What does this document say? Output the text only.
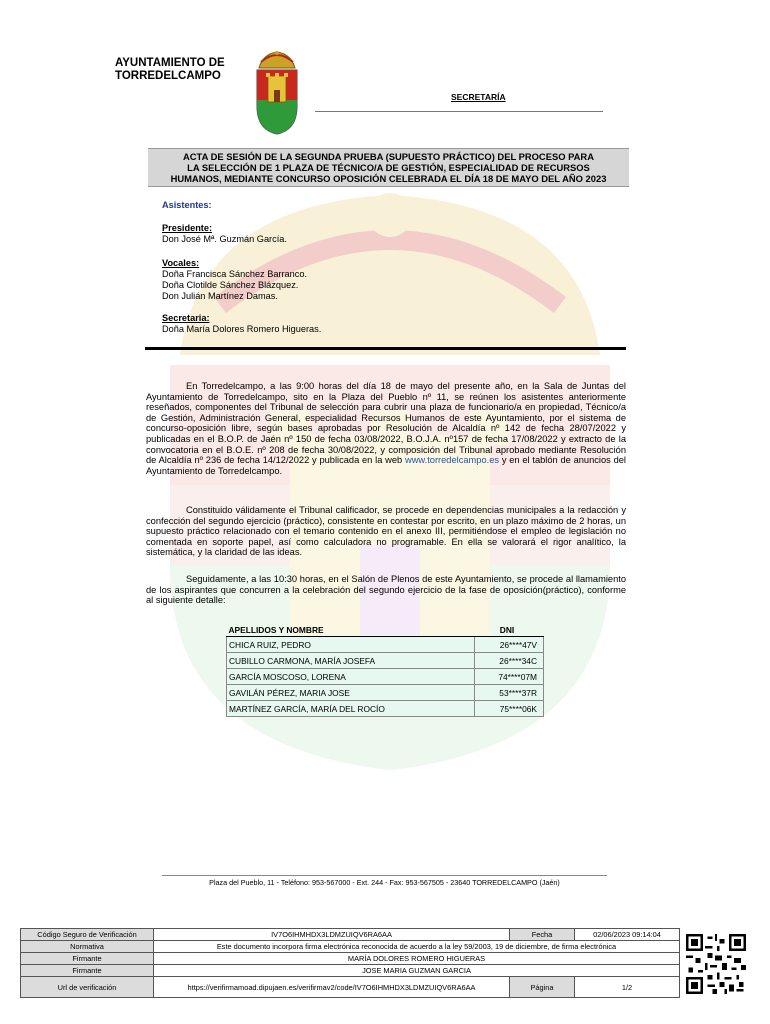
AYUNTAMIENTO DE
TORREDELCAMPO
SECRETARÍA
ACTA DE SESIÓN DE LA SEGUNDA PRUEBA (SUPUESTO PRÁCTICO) DEL PROCESO PARA
LA SELECCIÓN DE 1 PLAZA DE TÉCNICO/A DE GESTIÓN, ESPECIALIDAD DE RECURSOS
HUMANOS, MEDIANTE CONCURSO OPOSICIÓN CELEBRADA EL DÍA 18 DE MAYO DEL AÑO 2023
Asistentes:
Presidente:
Don José Mª. Guzmán García.
Vocales:
Doña Francisca Sánchez Barranco.
Doña Clotilde Sánchez Blázquez.
Don Julián Martínez Damas.
Secretaria:
Doña María Dolores Romero Higueras.
En Torredelcampo, a las 9:00 horas del día 18 de mayo del presente año, en la Sala de Juntas del Ayuntamiento de Torredelcampo, sito en la Plaza del Pueblo nº 11, se reúnen los asistentes anteriormente reseñados, componentes del Tribunal de selección para cubrir una plaza de funcionario/a en propiedad, Técnico/a de Gestión, Administración General, especialidad Recursos Humanos de este Ayuntamiento, por el sistema de concurso-oposición libre, según bases aprobadas por Resolución de Alcaldía nº 142 de fecha 28/07/2022 y publicadas en el B.O.P. de Jaén nº 150 de fecha 03/08/2022, B.O.J.A. nº157 de fecha 17/08/2022 y extracto de la convocatoria en el B.O.E. nº 208 de fecha 30/08/2022, y composición del Tribunal aprobado mediante Resolución de Alcaldía nº 236 de fecha 14/12/2022 y publicada en la web www.torredelcampo.es y en el tablón de anuncios del Ayuntamiento de Torredelcampo.
Constituido válidamente el Tribunal calificador, se procede en dependencias municipales a la redacción y confección del segundo ejercicio (práctico), consistente en contestar por escrito, en un plazo máximo de 2 horas, un supuesto práctico relacionado con el temario contenido en el anexo III, permitiéndose el empleo de legislación no comentada en soporte papel, así como calculadora no programable. En ella se valorará el rigor analítico, la sistemática, y la claridad de las ideas.
Seguidamente, a las 10:30 horas, en el Salón de Plenos de este Ayuntamiento, se procede al llamamiento de los aspirantes que concurren a la celebración del segundo ejercicio de la fase de oposición(práctico), conforme al siguiente detalle:
APELLIDOS Y NOMBRE	DNI
CHICA RUIZ, PEDRO	26****47V
CUBILLO CARMONA, MARÍA JOSEFA	26****34C
GARCÍA MOSCOSO, LORENA	74****07M
GAVILÁN PÉREZ, MARIA JOSE	53****37R
MARTÍNEZ GARCÍA, MARÍA DEL ROCÍO	75****06K
Plaza del Pueblo, 11 - Teléfono: 953-567000 - Ext. 244 - Fax: 953-567505 - 23640 TORREDELCAMPO (Jaén)
Código Seguro de Verificación	IV7O6IHMHDX3LDMZUIQV6RA6AA	Fecha	02/06/2023 09:14:04
Normativa	Este documento incorpora firma electrónica reconocida de acuerdo a la ley 59/2003, 19 de diciembre, de firma electrónica		
Firmante	MARÍA DOLORES ROMERO HIGUERAS		
Firmante	JOSE MARIA GUZMAN GARCIA		
Url de verificación	https://verifirmamoad.dipujaen.es/verifirmav2/code/IV7O6IHMHDX3LDMZUIQV6RA6AA	Página	1/2
